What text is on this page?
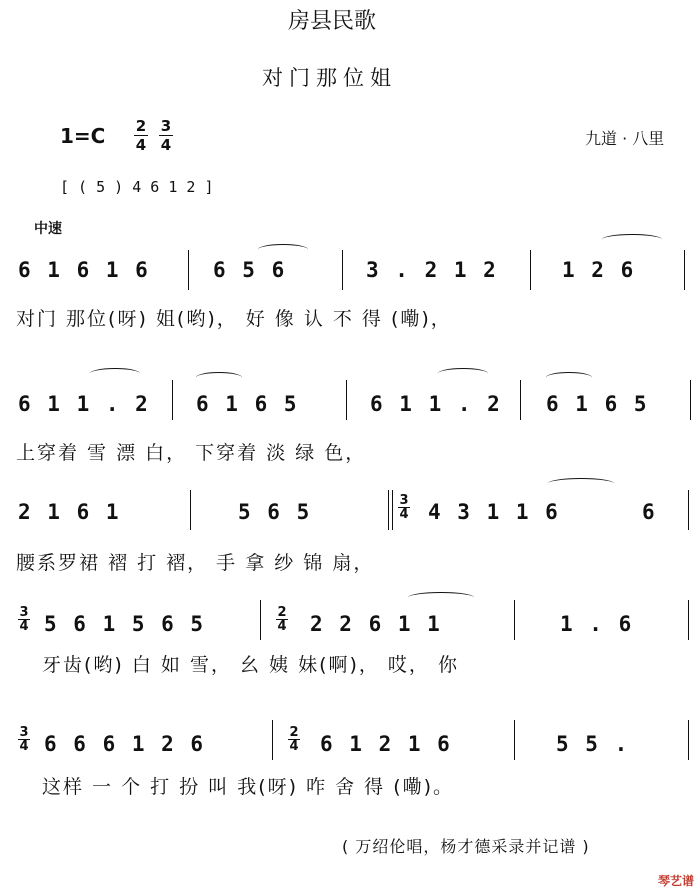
房县民歌
对门那位姐
1=C 2
4
3
4	九道 · 八里
[ ( 5 ) 4 6 1 2 ]
中速
6 1 6 1 6	6 5 6	3 . 2 1 2	1 2 6
对门 那位(呀) 姐(哟)， 好 像 认 不 得 (嘞)，
6 1 1 . 2 6 1 6 5	6 1 1 . 2 6 1 6 5
上穿着 雪 漂 白， 下穿着 淡 绿 色，
2 1 6 1	5 6 5	3
4 4 3 1 1 6	6
腰系罗裙 褶 打 褶， 手 拿 纱 锦 扇，
3
4 5 6 1 5 6 5	2
4 2 2 6 1 1	1 . 6
牙齿(哟) 白 如 雪， 幺 姨 妹(啊)， 哎， 你
3
4 6 6 6 1 2 6	2
4 6 1 2 1 6	5 5 .
这样 一 个 打 扮 叫 我(呀) 咋 舍 得 (嘞)。
( 万绍伦唱，杨才德采录并记谱 )
琴艺谱
